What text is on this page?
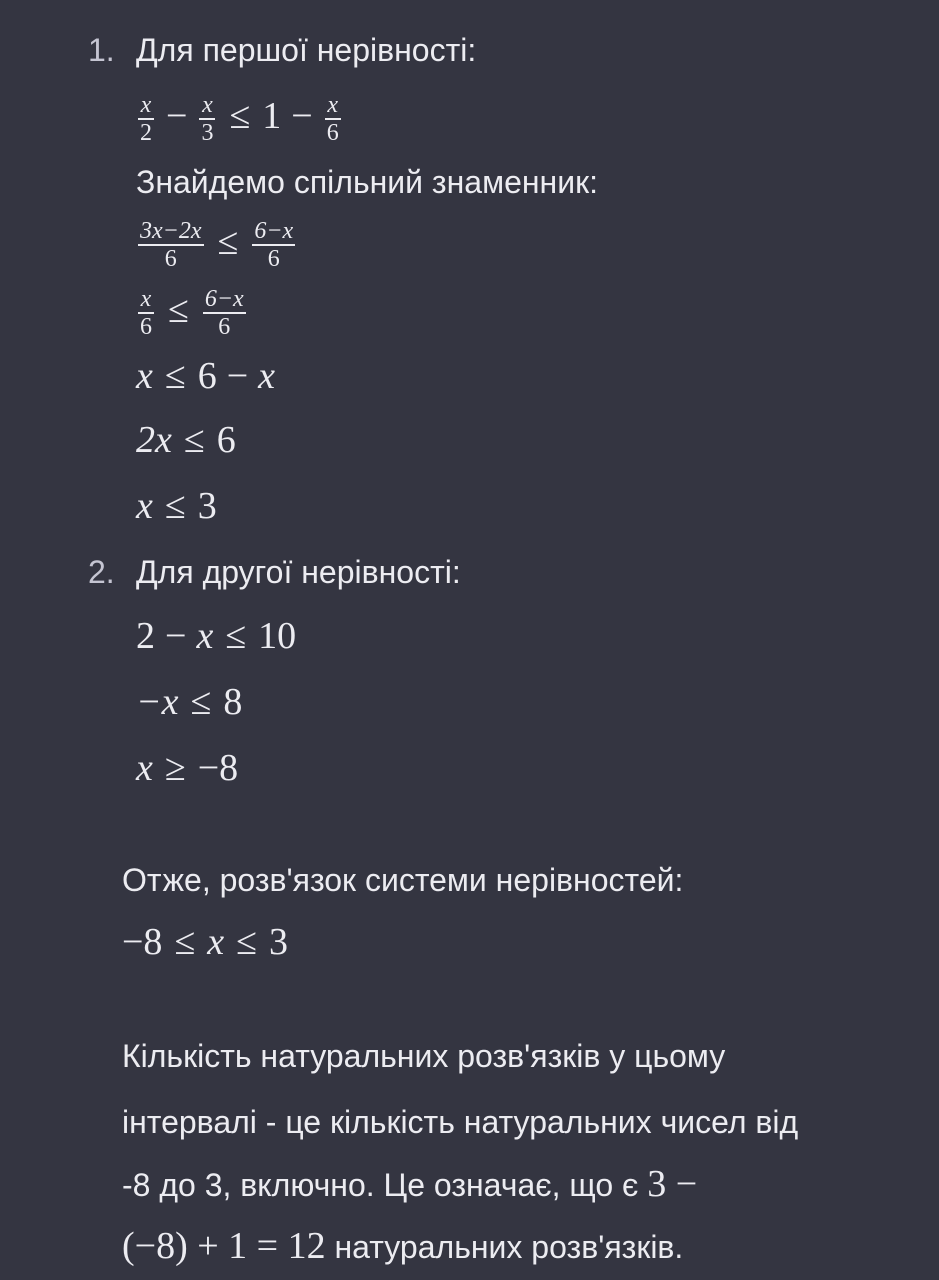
1. Для першої нерівності:
$\frac{x}{2} - \frac{x}{3} \le 1 - \frac{x}{6}$
Знайдемо спільний знаменник:
$\frac{3x-2x}{6} \le \frac{6-x}{6}$
$\frac{x}{6} \le \frac{6-x}{6}$
x ≤ 6 − x
2x ≤ 6
x ≤ 3
2. Для другої нерівності:
2 − x ≤ 10
−x ≤ 8
x ≥ −8
Отже, розв'язок системи нерівностей:
−8 ≤ x ≤ 3
Кількість натуральних розв'язків у цьому
інтервалі - це кількість натуральних чисел від
-8 до 3, включно. Це означає, що є 3 −
(−8) + 1 = 12 натуральних розв'язків.
